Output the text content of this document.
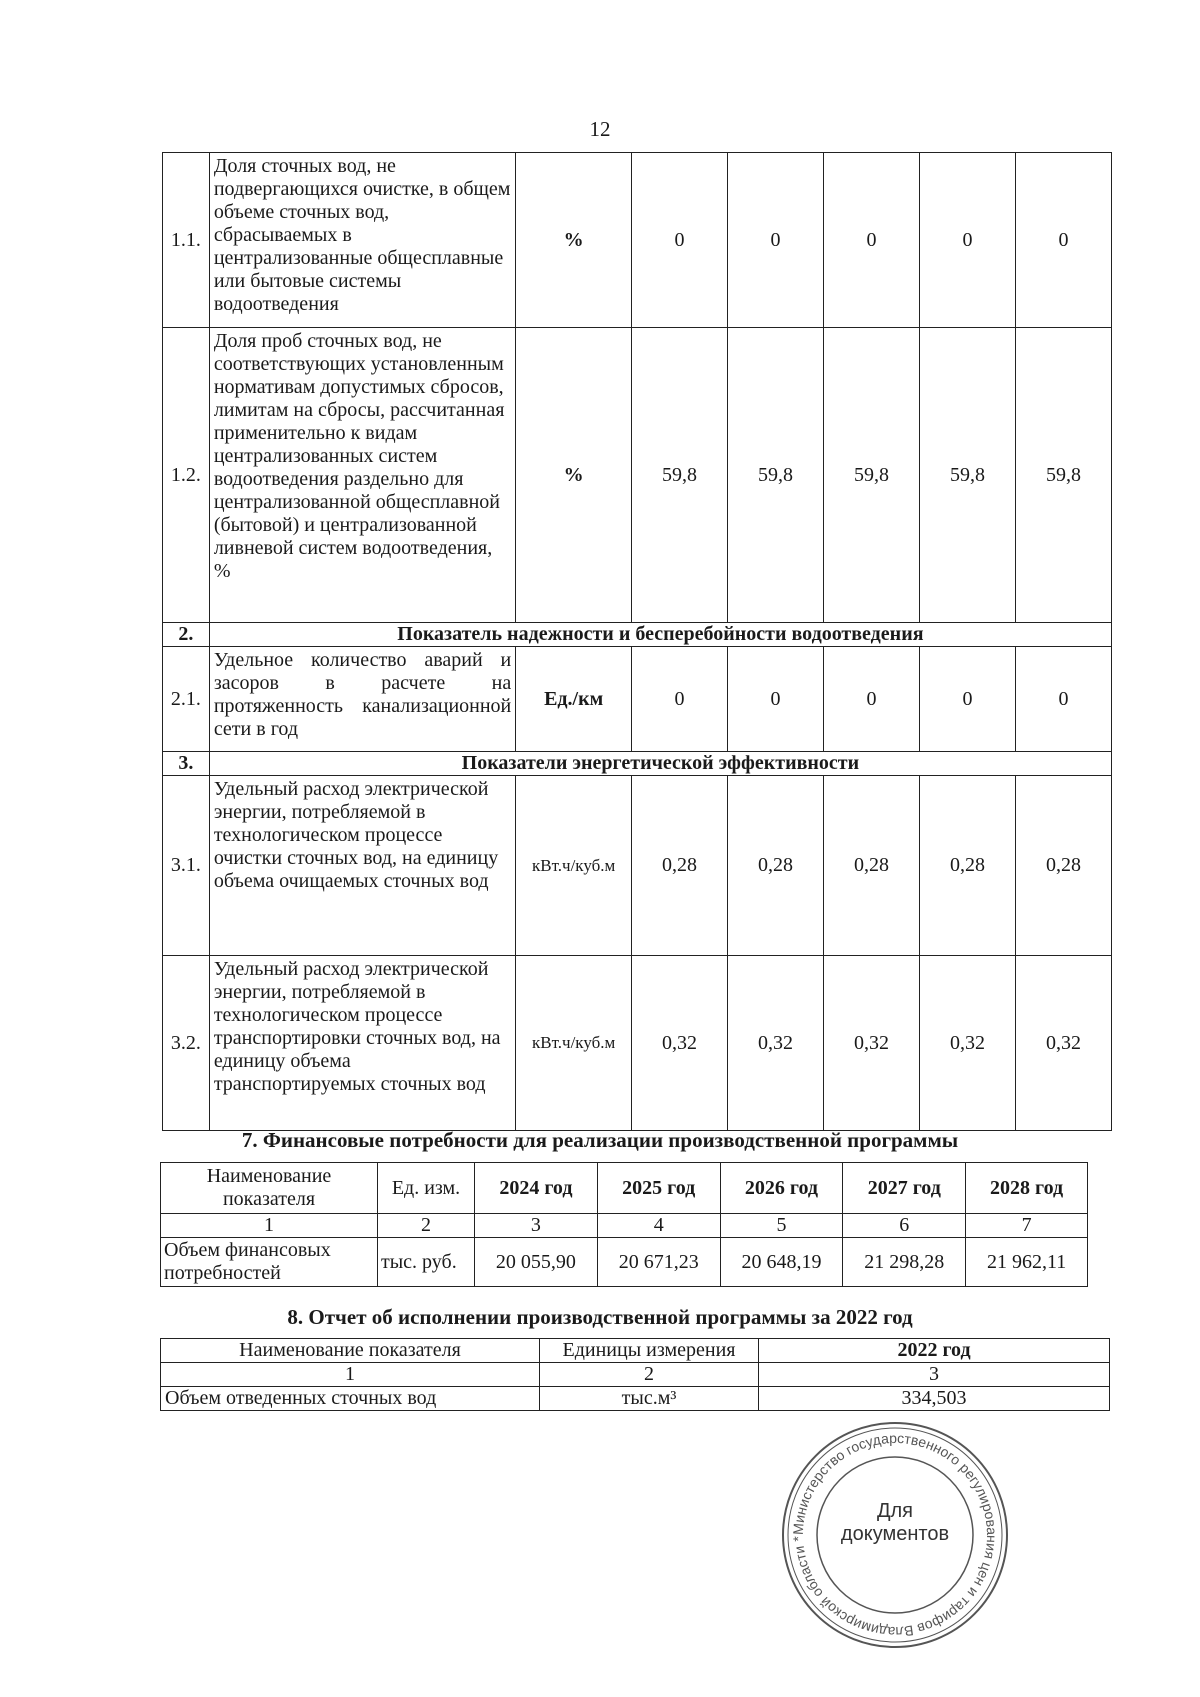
12
1.1.	Доля сточных вод, не подвергающихся очистке, в общем объеме сточных вод, сбрасываемых в централизованные общесплавные или бытовые системы водоотведения	%	0	0	0	0	0
1.2.	Доля проб сточных вод, не соответствующих установленным нормативам допустимых сбросов, лимитам на сбросы, рассчитанная применительно к видам централизованных систем водоотведения раздельно для централизованной общесплавной (бытовой) и централизованной ливневой систем водоотведения, %	%	59,8	59,8	59,8	59,8	59,8
2.	Показатель надежности и бесперебойности водоотведения						
2.1.	Удельное количество аварий и засоров в расчете на протяженность канализационной сети в год	Ед./км	0	0	0	0	0
3.	Показатели энергетической эффективности						
3.1.	Удельный расход электрической энергии, потребляемой в технологическом процессе очистки сточных вод, на единицу объема очищаемых сточных вод	кВт.ч/куб.м	0,28	0,28	0,28	0,28	0,28
3.2.	Удельный расход электрической энергии, потребляемой в технологическом процессе транспортировки сточных вод, на единицу объема транспортируемых сточных вод	кВт.ч/куб.м	0,32	0,32	0,32	0,32	0,32
7. Финансовые потребности для реализации производственной программы
Наименование показателя	Ед. изм.	2024 год	2025 год	2026 год	2027 год	2028 год
1	2	3	4	5	6	7
Объем финансовых потребностей	тыс. руб.	20 055,90	20 671,23	20 648,19	21 298,28	21 962,11
8. Отчет об исполнении производственной программы за 2022 год
Наименование показателя	Единицы измерения	2022 год
1	2	3
Объем отведенных сточных вод	тыс.м³	334,503
Министерство государственного регулирования цен и тарифов Владимирской области *
Для
документов
